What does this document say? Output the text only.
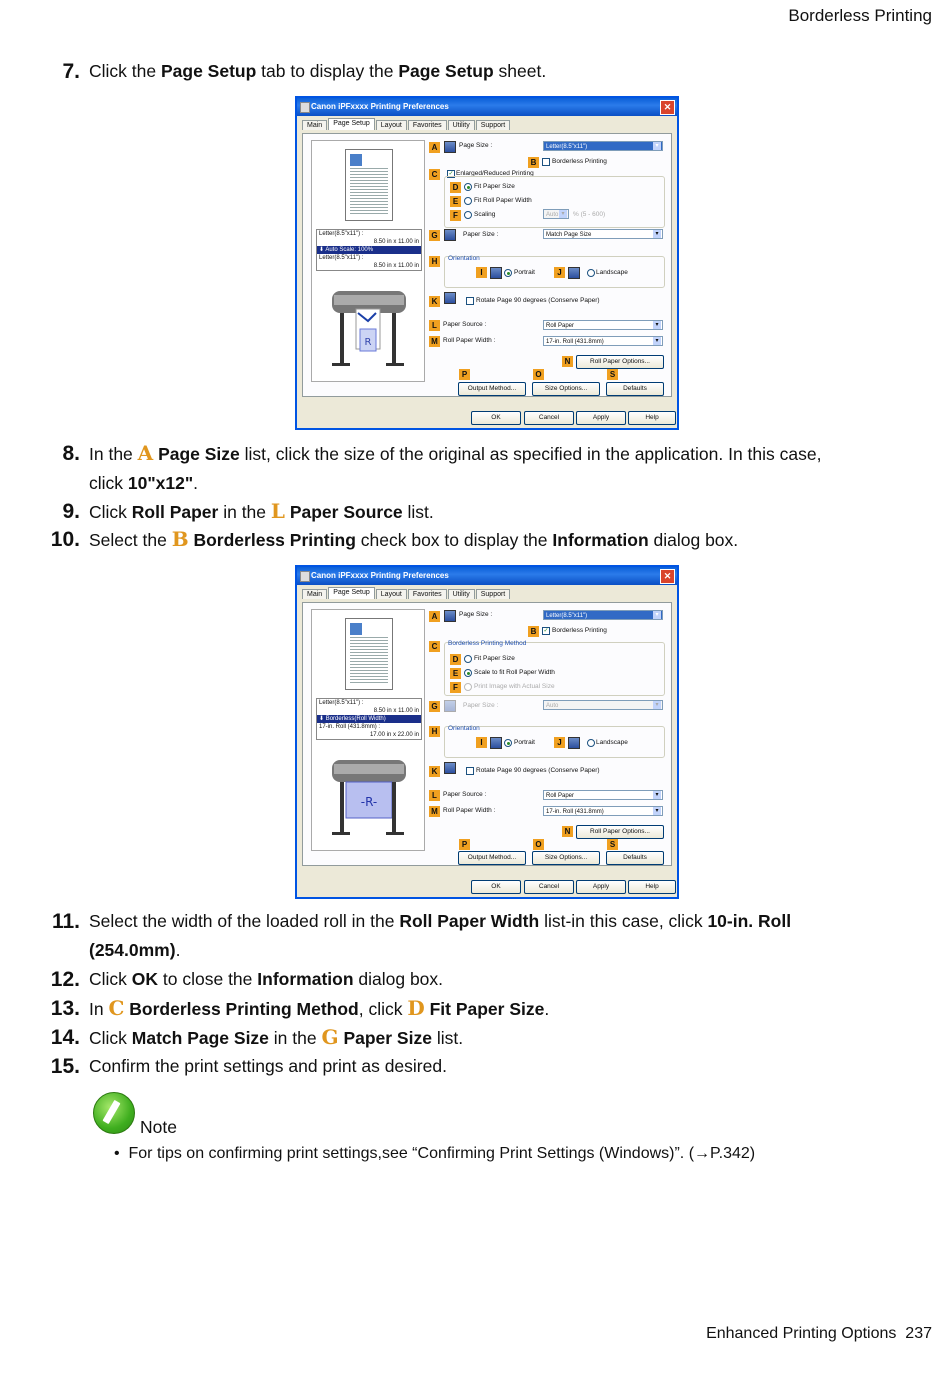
Borderless Printing
7. Click the Page Setup tab to display the Page Setup sheet.
Canon iPFxxxx Printing Preferences	✕
Main	Page Setup	Layout	Favorites	Utility	Support
Letter(8.5"x11") :
8.50 in x 11.00 in
⬇ Auto Scale: 100%
Letter(8.5"x11") :
8.50 in x 11.00 in
R
A	Page Size :	Letter(8.5"x11") ▾
B	Borderless Printing
C	✓ Enlarged/Reduced Printing
D	Fit Paper Size
E	Fit Roll Paper Width
F	Scaling	Auto ▾	% (5 - 600)
G	Paper Size :	Match Page Size ▾
H	Orientation
I	Portrait	J	Landscape
K	Rotate Page 90 degrees (Conserve Paper)
L Paper Source :	Roll Paper ▾
M Roll Paper Width :	17-in. Roll (431.8mm) ▾
N	Roll Paper Options...
P	O	S
Output Method...	Size Options...	Defaults
OK	Cancel	Apply	Help
8. In the A Page Size list, click the size of the original as specified in the application. In this case,
click 10"x12".
9. Click Roll Paper in the L Paper Source list.
10. Select the B Borderless Printing check box to display the Information dialog box.
Canon iPFxxxx Printing Preferences	✕
Main	Page Setup	Layout	Favorites	Utility	Support
Letter(8.5"x11") :
8.50 in x 11.00 in
⬇ Borderless(Roll Width)
17-in. Roll (431.8mm) :
17.00 in x 22.00 in
-R-
A	Page Size :	Letter(8.5"x11") ▾
B	✓ Borderless Printing
C	Borderless Printing Method
D	Fit Paper Size
E	Scale to fit Roll Paper Width
F	Print Image with Actual Size
G	Paper Size :	Auto ▾
H	Orientation
I	Portrait	J	Landscape
K	Rotate Page 90 degrees (Conserve Paper)
L Paper Source :	Roll Paper ▾
M Roll Paper Width :	17-in. Roll (431.8mm) ▾
N	Roll Paper Options...
P	O	S
Output Method...	Size Options...	Defaults
OK	Cancel	Apply	Help
11. Select the width of the loaded roll in the Roll Paper Width list-in this case, click 10-in. Roll
(254.0mm).
12. Click OK to close the Information dialog box.
13. In C Borderless Printing Method, click D Fit Paper Size.
14. Click Match Page Size in the G Paper Size list.
15. Confirm the print settings and print as desired.
Note
• For tips on confirming print settings,see “Confirming Print Settings (Windows)”. (→P.342)
Enhanced Printing Options 237
